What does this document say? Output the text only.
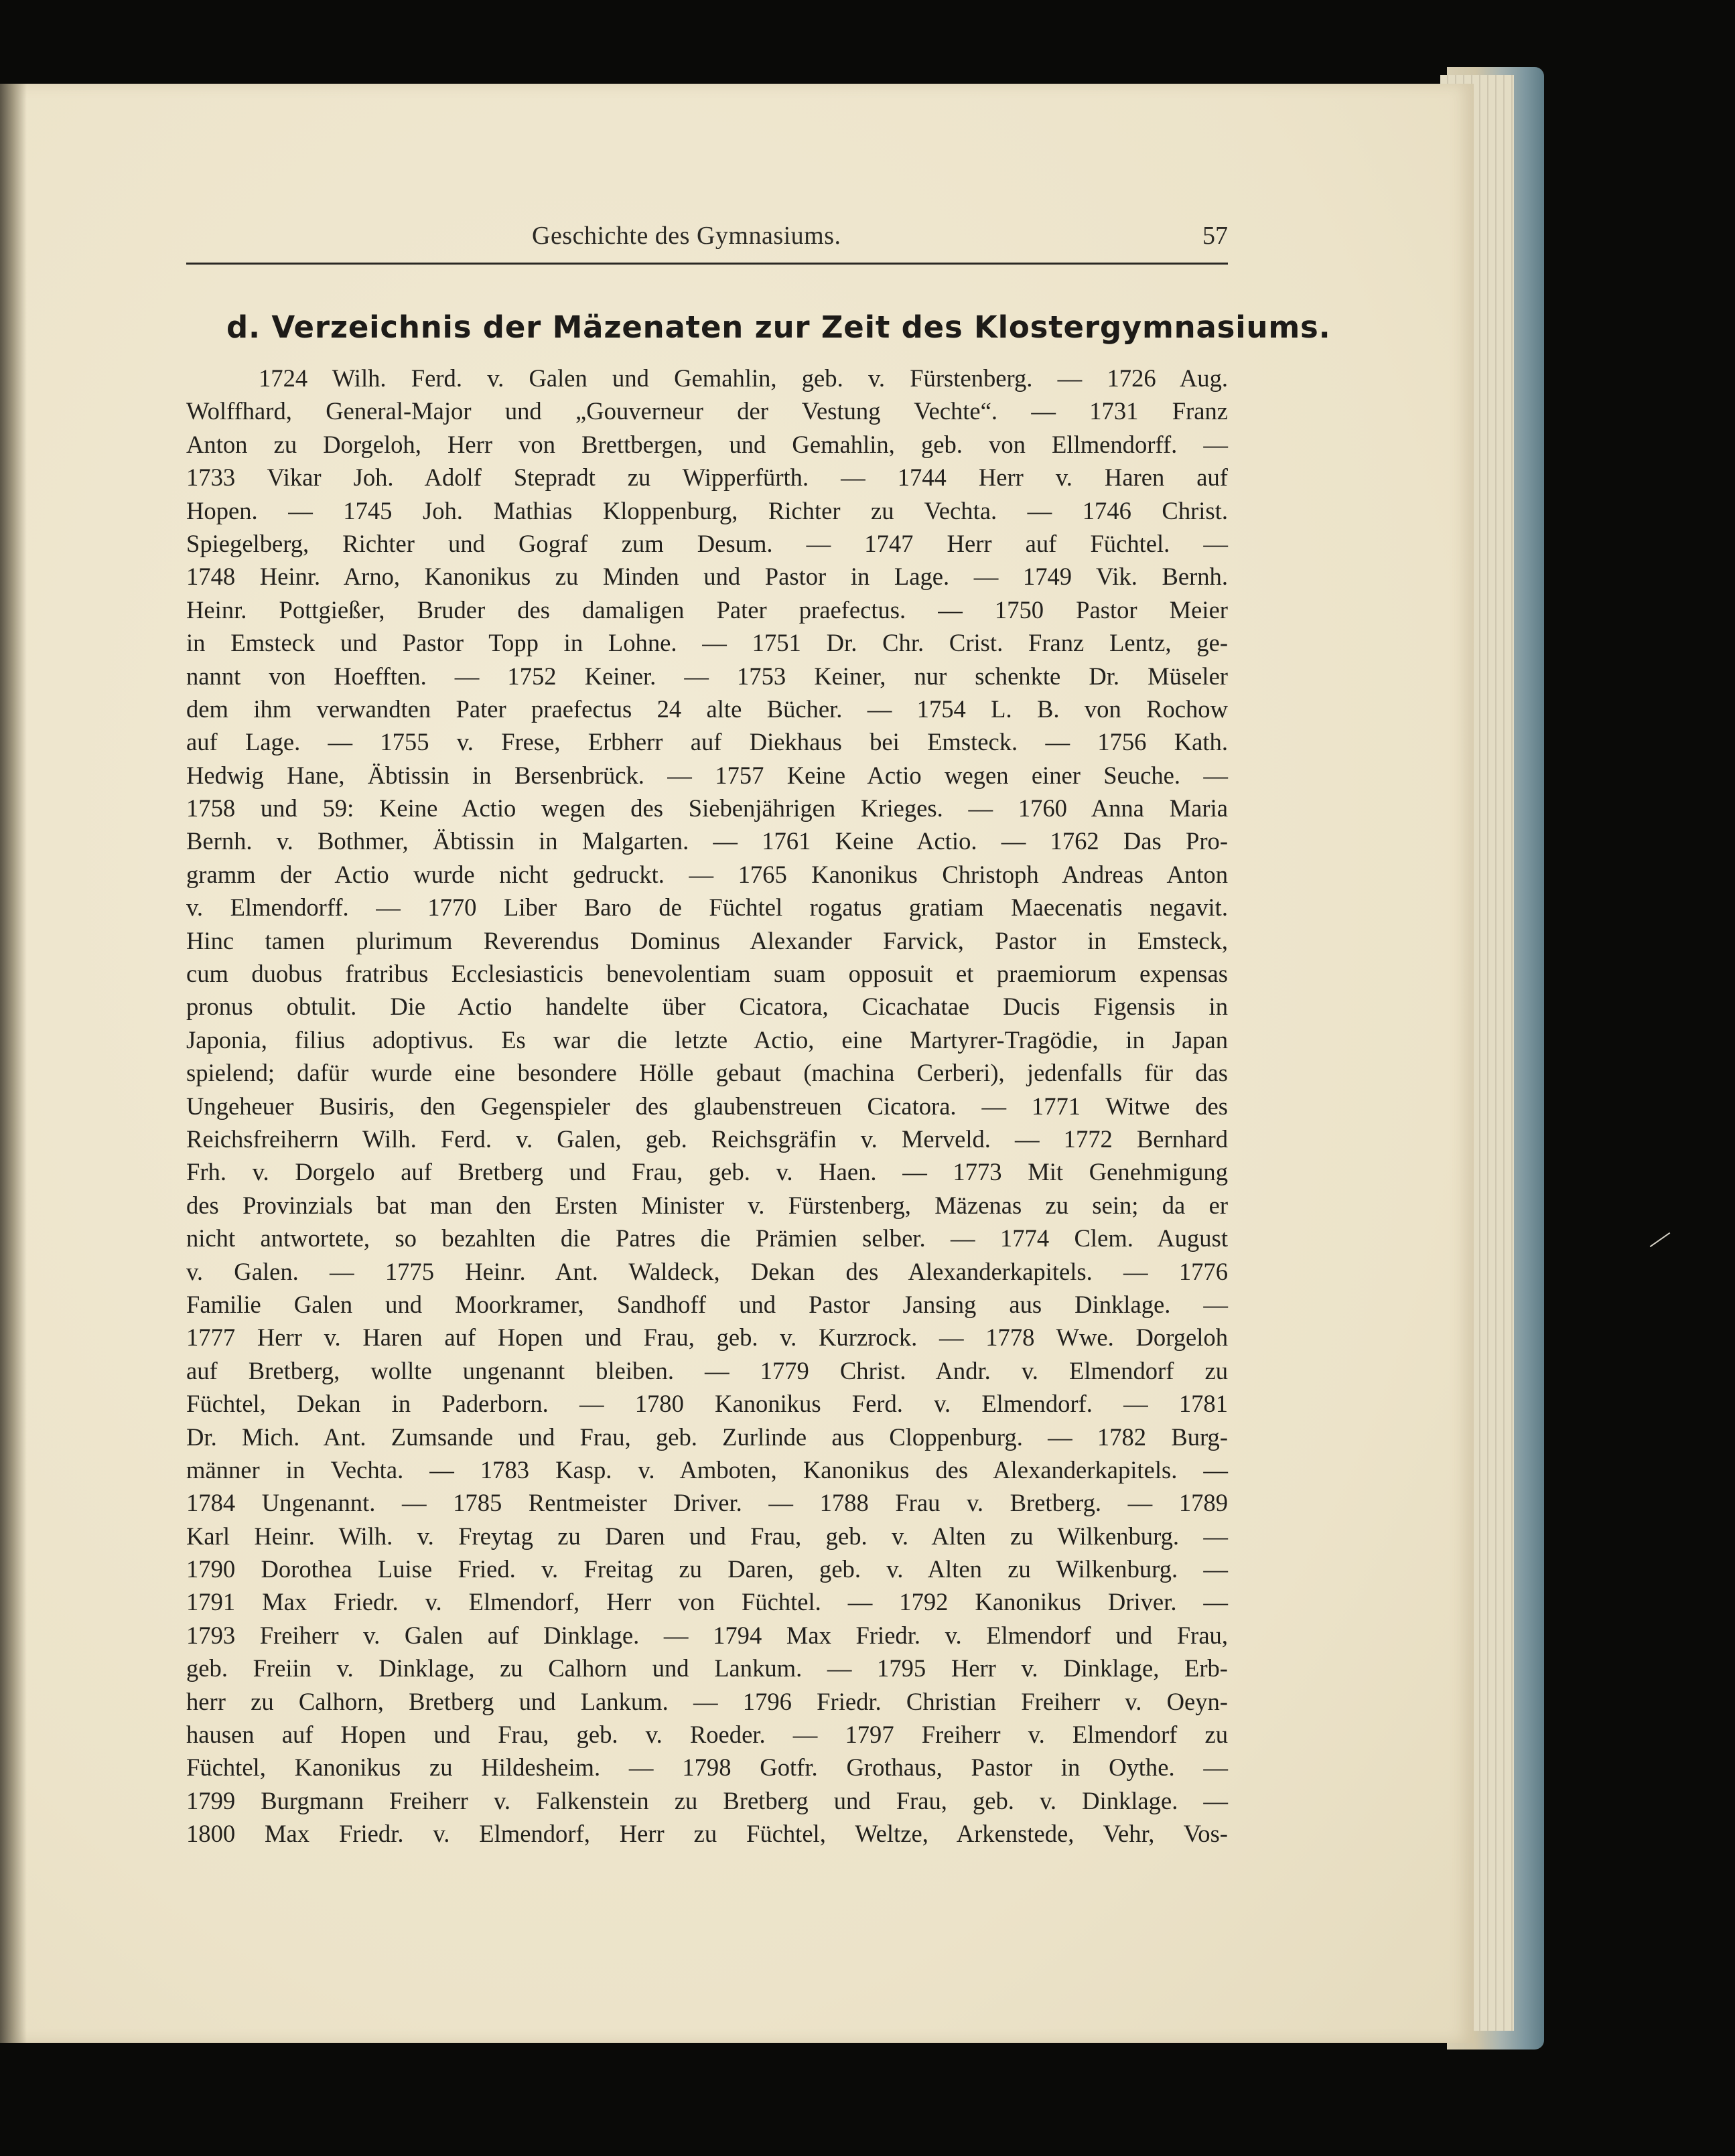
Geschichte des Gymnasiums.	57
d. Verzeichnis der Mäzenaten zur Zeit des Klostergymnasiums.
1724 Wilh. Ferd. v. Galen und Gemahlin, geb. v. Fürstenberg. — 1726 Aug.
Wolffhard, General-Major und „Gouverneur der Vestung Vechte“. — 1731 Franz
Anton zu Dorgeloh, Herr von Brettbergen, und Gemahlin, geb. von Ellmendorff. —
1733 Vikar Joh. Adolf Stepradt zu Wipperfürth. — 1744 Herr v. Haren auf
Hopen. — 1745 Joh. Mathias Kloppenburg, Richter zu Vechta. — 1746 Christ.
Spiegelberg, Richter und Gograf zum Desum. — 1747 Herr auf Füchtel. —
1748 Heinr. Arno, Kanonikus zu Minden und Pastor in Lage. — 1749 Vik. Bernh.
Heinr. Pottgießer, Bruder des damaligen Pater praefectus. — 1750 Pastor Meier
in Emsteck und Pastor Topp in Lohne. — 1751 Dr. Chr. Crist. Franz Lentz, ge-
nannt von Hoefften. — 1752 Keiner. — 1753 Keiner, nur schenkte Dr. Müseler
dem ihm verwandten Pater praefectus 24 alte Bücher. — 1754 L. B. von Rochow
auf Lage. — 1755 v. Frese, Erbherr auf Diekhaus bei Emsteck. — 1756 Kath.
Hedwig Hane, Äbtissin in Bersenbrück. — 1757 Keine Actio wegen einer Seuche. —
1758 und 59: Keine Actio wegen des Siebenjährigen Krieges. — 1760 Anna Maria
Bernh. v. Bothmer, Äbtissin in Malgarten. — 1761 Keine Actio. — 1762 Das Pro-
gramm der Actio wurde nicht gedruckt. — 1765 Kanonikus Christoph Andreas Anton
v. Elmendorff. — 1770 Liber Baro de Füchtel rogatus gratiam Maecenatis negavit.
Hinc tamen plurimum Reverendus Dominus Alexander Farvick, Pastor in Emsteck,
cum duobus fratribus Ecclesiasticis benevolentiam suam opposuit et praemiorum expensas
pronus obtulit. Die Actio handelte über Cicatora, Cicachatae Ducis Figensis in
Japonia, filius adoptivus. Es war die letzte Actio, eine Martyrer-Tragödie, in Japan
spielend; dafür wurde eine besondere Hölle gebaut (machina Cerberi), jedenfalls für das
Ungeheuer Busiris, den Gegenspieler des glaubenstreuen Cicatora. — 1771 Witwe des
Reichsfreiherrn Wilh. Ferd. v. Galen, geb. Reichsgräfin v. Merveld. — 1772 Bernhard
Frh. v. Dorgelo auf Bretberg und Frau, geb. v. Haen. — 1773 Mit Genehmigung
des Provinzials bat man den Ersten Minister v. Fürstenberg, Mäzenas zu sein; da er
nicht antwortete, so bezahlten die Patres die Prämien selber. — 1774 Clem. August
v. Galen. — 1775 Heinr. Ant. Waldeck, Dekan des Alexanderkapitels. — 1776
Familie Galen und Moorkramer, Sandhoff und Pastor Jansing aus Dinklage. —
1777 Herr v. Haren auf Hopen und Frau, geb. v. Kurzrock. — 1778 Wwe. Dorgeloh
auf Bretberg, wollte ungenannt bleiben. — 1779 Christ. Andr. v. Elmendorf zu
Füchtel, Dekan in Paderborn. — 1780 Kanonikus Ferd. v. Elmendorf. — 1781
Dr. Mich. Ant. Zumsande und Frau, geb. Zurlinde aus Cloppenburg. — 1782 Burg-
männer in Vechta. — 1783 Kasp. v. Amboten, Kanonikus des Alexanderkapitels. —
1784 Ungenannt. — 1785 Rentmeister Driver. — 1788 Frau v. Bretberg. — 1789
Karl Heinr. Wilh. v. Freytag zu Daren und Frau, geb. v. Alten zu Wilkenburg. —
1790 Dorothea Luise Fried. v. Freitag zu Daren, geb. v. Alten zu Wilkenburg. —
1791 Max Friedr. v. Elmendorf, Herr von Füchtel. — 1792 Kanonikus Driver. —
1793 Freiherr v. Galen auf Dinklage. — 1794 Max Friedr. v. Elmendorf und Frau,
geb. Freiin v. Dinklage, zu Calhorn und Lankum. — 1795 Herr v. Dinklage, Erb-
herr zu Calhorn, Bretberg und Lankum. — 1796 Friedr. Christian Freiherr v. Oeyn-
hausen auf Hopen und Frau, geb. v. Roeder. — 1797 Freiherr v. Elmendorf zu
Füchtel, Kanonikus zu Hildesheim. — 1798 Gotfr. Grothaus, Pastor in Oythe. —
1799 Burgmann Freiherr v. Falkenstein zu Bretberg und Frau, geb. v. Dinklage. —
1800 Max Friedr. v. Elmendorf, Herr zu Füchtel, Weltze, Arkenstede, Vehr, Vos-
